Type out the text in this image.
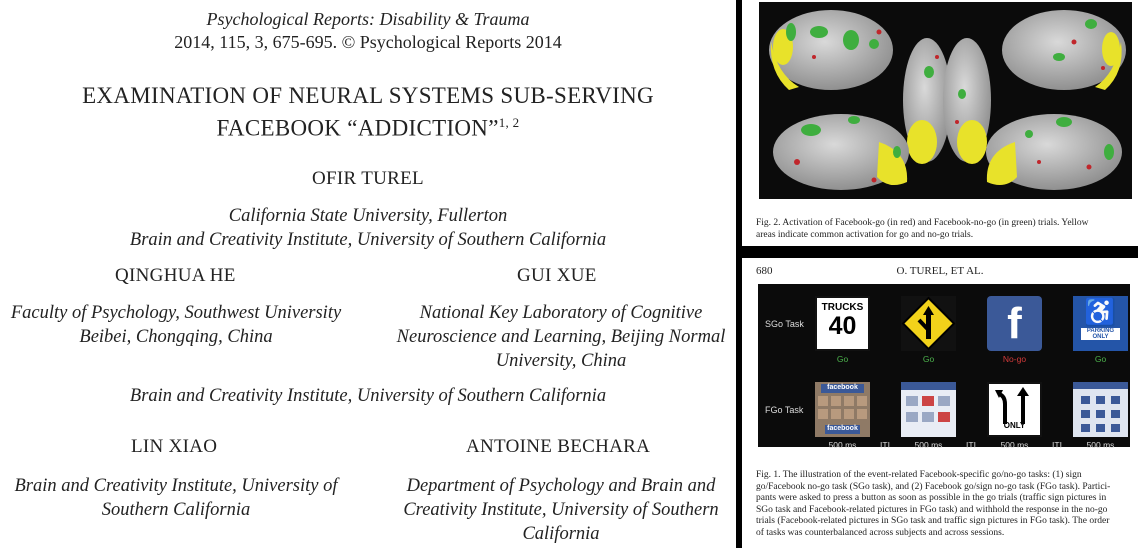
Psychological Reports: Disability & Trauma
2014, 115, 3, 675-695. © Psychological Reports 2014
EXAMINATION OF NEURAL SYSTEMS SUB-SERVING
FACEBOOK “ADDICTION”$^{1, 2}$
OFIR TUREL
California State University, Fullerton
Brain and Creativity Institute, University of Southern California
QINGHUA HE	GUI XUE
Faculty of Psychology, Southwest University
Beibei, Chongqing, China
National Key Laboratory of Cognitive
Neuroscience and Learning, Beijing Normal
University, China
Brain and Creativity Institute, University of Southern California
LIN XIAO	ANTOINE BECHARA
Brain and Creativity Institute, University of
Southern California
Department of Psychology and Brain and
Creativity Institute, University of Southern
California
Fig. 2. Activation of Facebook-go (in red) and Facebook-no-go (in green) trials. Yellow
areas indicate common activation for go and no-go trials.
680	O. TUREL, ET AL.
SGo Task
FGo Task
TRUCKS
40	f	♿
PARKING ONLY
Go	Go	No-go	Go
facebook
facebook	ONLY
500 ms	ITI	500 ms	ITI	500 ms	ITI	500 ms
Fig. 1. The illustration of the event-related Facebook-specific go/no-go tasks: (1) sign
go/Facebook no-go task (SGo task), and (2) Facebook go/sign no-go task (FGo task). Partici-
pants were asked to press a button as soon as possible in the go trials (traffic sign pictures in
SGo task and Facebook-related pictures in FGo task) and withhold the response in the no-go
trials (Facebook-related pictures in SGo task and traffic sign pictures in FGo task). The order
of tasks was counterbalanced across subjects and across sessions.
